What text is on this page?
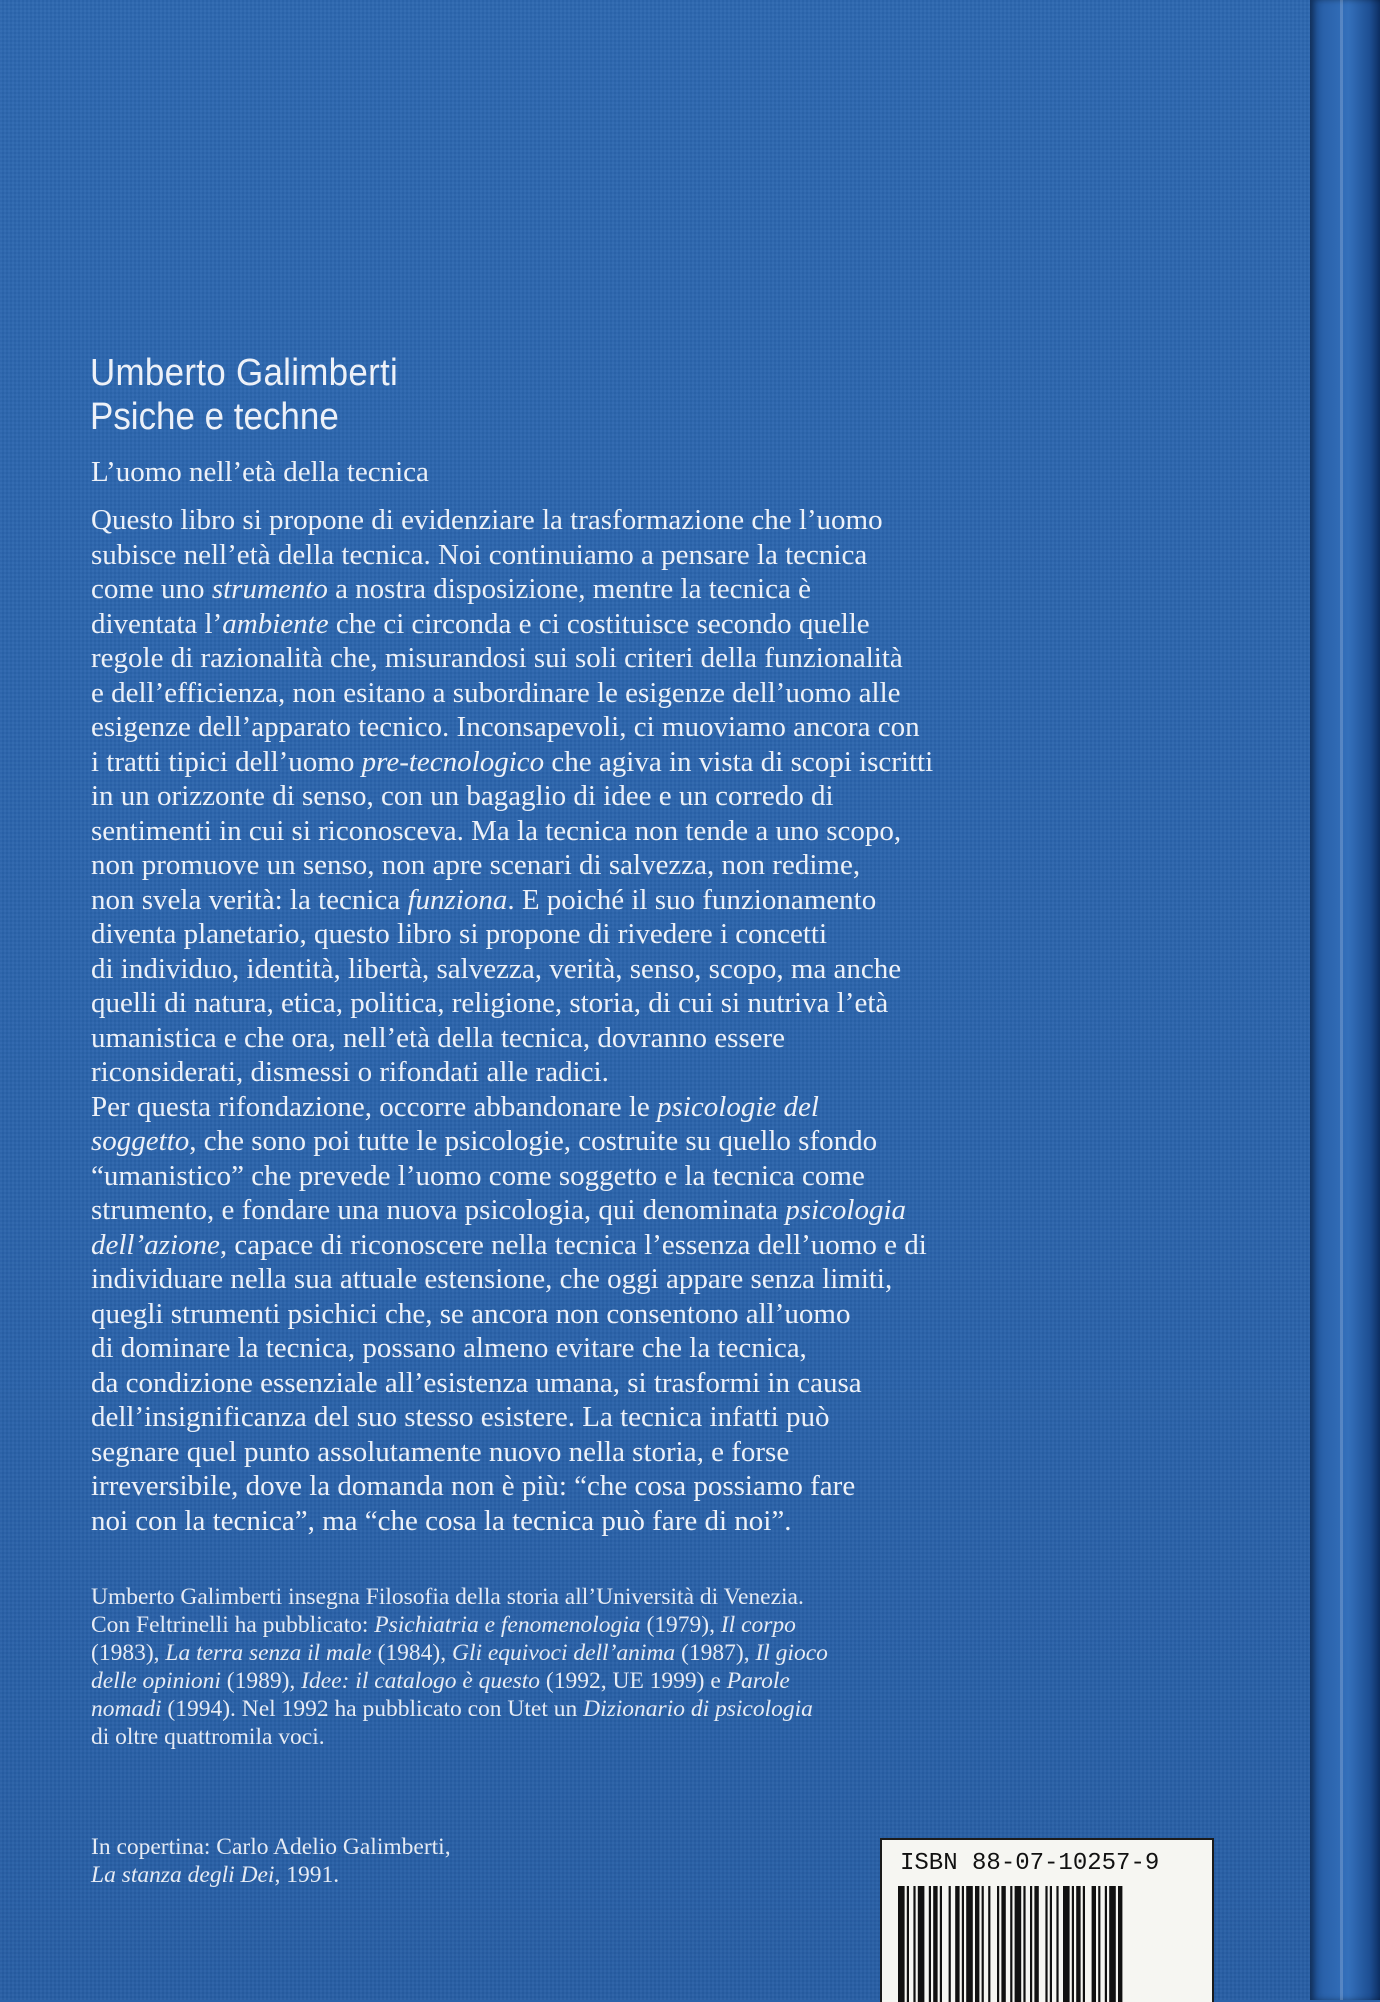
Umberto Galimberti
Psiche e techne
L’uomo nell’età della tecnica
Questo libro si propone di evidenziare la trasformazione che l’uomo
subisce nell’età della tecnica. Noi continuiamo a pensare la tecnica
come uno strumento a nostra disposizione, mentre la tecnica è
diventata l’ambiente che ci circonda e ci costituisce secondo quelle
regole di razionalità che, misurandosi sui soli criteri della funzionalità
e dell’efficienza, non esitano a subordinare le esigenze dell’uomo alle
esigenze dell’apparato tecnico. Inconsapevoli, ci muoviamo ancora con
i tratti tipici dell’uomo pre-tecnologico che agiva in vista di scopi iscritti
in un orizzonte di senso, con un bagaglio di idee e un corredo di
sentimenti in cui si riconosceva. Ma la tecnica non tende a uno scopo,
non promuove un senso, non apre scenari di salvezza, non redime,
non svela verità: la tecnica funziona. E poiché il suo funzionamento
diventa planetario, questo libro si propone di rivedere i concetti
di individuo, identità, libertà, salvezza, verità, senso, scopo, ma anche
quelli di natura, etica, politica, religione, storia, di cui si nutriva l’età
umanistica e che ora, nell’età della tecnica, dovranno essere
riconsiderati, dismessi o rifondati alle radici.
Per questa rifondazione, occorre abbandonare le psicologie del
soggetto, che sono poi tutte le psicologie, costruite su quello sfondo
“umanistico” che prevede l’uomo come soggetto e la tecnica come
strumento, e fondare una nuova psicologia, qui denominata psicologia
dell’azione, capace di riconoscere nella tecnica l’essenza dell’uomo e di
individuare nella sua attuale estensione, che oggi appare senza limiti,
quegli strumenti psichici che, se ancora non consentono all’uomo
di dominare la tecnica, possano almeno evitare che la tecnica,
da condizione essenziale all’esistenza umana, si trasformi in causa
dell’insignificanza del suo stesso esistere. La tecnica infatti può
segnare quel punto assolutamente nuovo nella storia, e forse
irreversibile, dove la domanda non è più: “che cosa possiamo fare
noi con la tecnica”, ma “che cosa la tecnica può fare di noi”.
Umberto Galimberti insegna Filosofia della storia all’Università di Venezia.
Con Feltrinelli ha pubblicato: Psichiatria e fenomenologia (1979), Il corpo
(1983), La terra senza il male (1984), Gli equivoci dell’anima (1987), Il gioco
delle opinioni (1989), Idee: il catalogo è questo (1992, UE 1999) e Parole
nomadi (1994). Nel 1992 ha pubblicato con Utet un Dizionario di psicologia
di oltre quattromila voci.
In copertina: Carlo Adelio Galimberti,
La stanza degli Dei, 1991.	ISBN 88-07-10257-9
